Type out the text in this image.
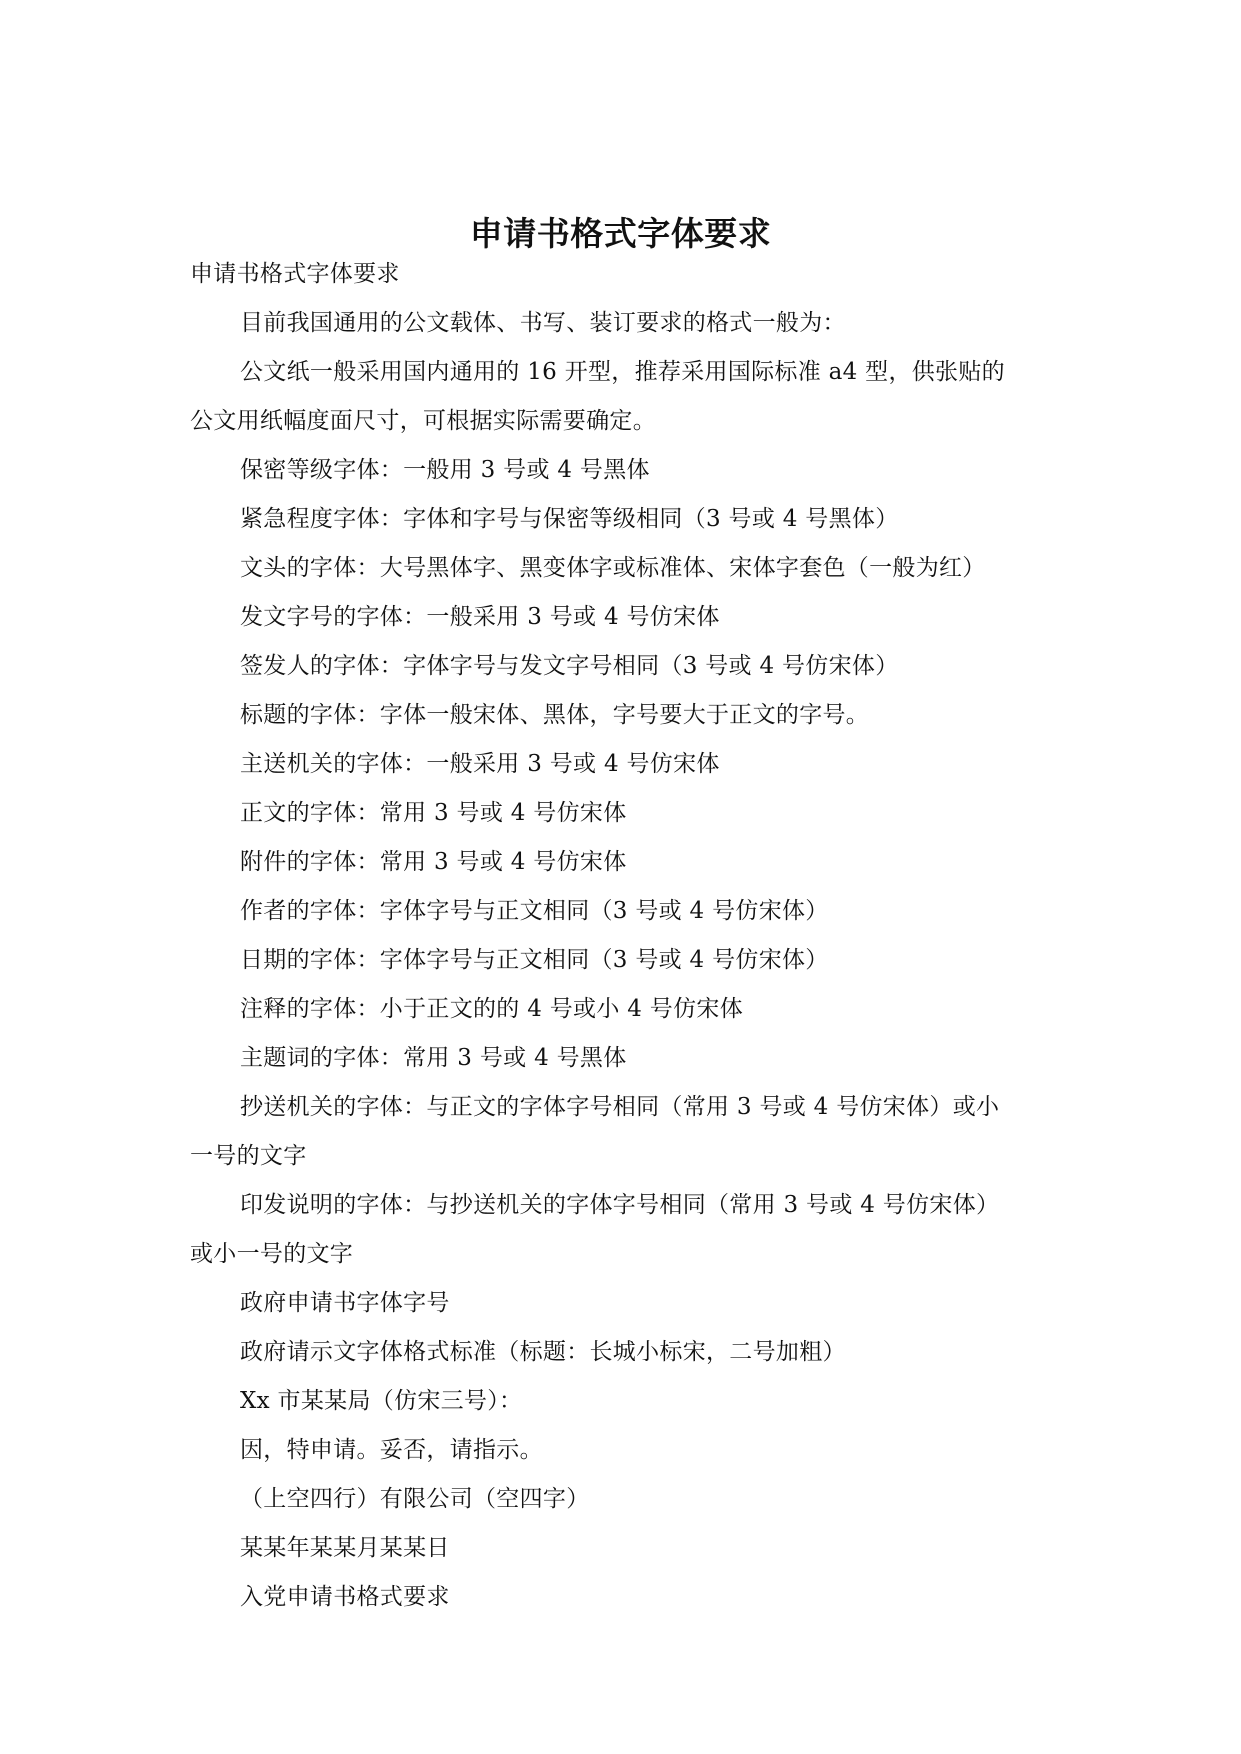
申请书格式字体要求

申请书格式字体要求

目前我国通用的公文载体、书写、装订要求的格式一般为：

公文纸一般采用国内通用的 16 开型，推荐采用国际标准 a4 型，供张贴的

公文用纸幅度面尺寸，可根据实际需要确定。

保密等级字体：一般用 3 号或 4 号黑体

紧急程度字体：字体和字号与保密等级相同（3 号或 4 号黑体）

文头的字体：大号黑体字、黑变体字或标准体、宋体字套色（一般为红）

发文字号的字体：一般采用 3 号或 4 号仿宋体

签发人的字体：字体字号与发文字号相同（3 号或 4 号仿宋体）

标题的字体：字体一般宋体、黑体，字号要大于正文的字号。

主送机关的字体：一般采用 3 号或 4 号仿宋体

正文的字体：常用 3 号或 4 号仿宋体

附件的字体：常用 3 号或 4 号仿宋体

作者的字体：字体字号与正文相同（3 号或 4 号仿宋体）

日期的字体：字体字号与正文相同（3 号或 4 号仿宋体）

注释的字体：小于正文的的 4 号或小 4 号仿宋体

主题词的字体：常用 3 号或 4 号黑体

抄送机关的字体：与正文的字体字号相同（常用 3 号或 4 号仿宋体）或小

一号的文字

印发说明的字体：与抄送机关的字体字号相同（常用 3 号或 4 号仿宋体）

或小一号的文字

政府申请书字体字号

政府请示文字体格式标准（标题：长城小标宋，二号加粗）

Xx 市某某局（仿宋三号）：

因，特申请。妥否，请指示。

（上空四行）有限公司（空四字）

某某年某某月某某日

入党申请书格式要求
